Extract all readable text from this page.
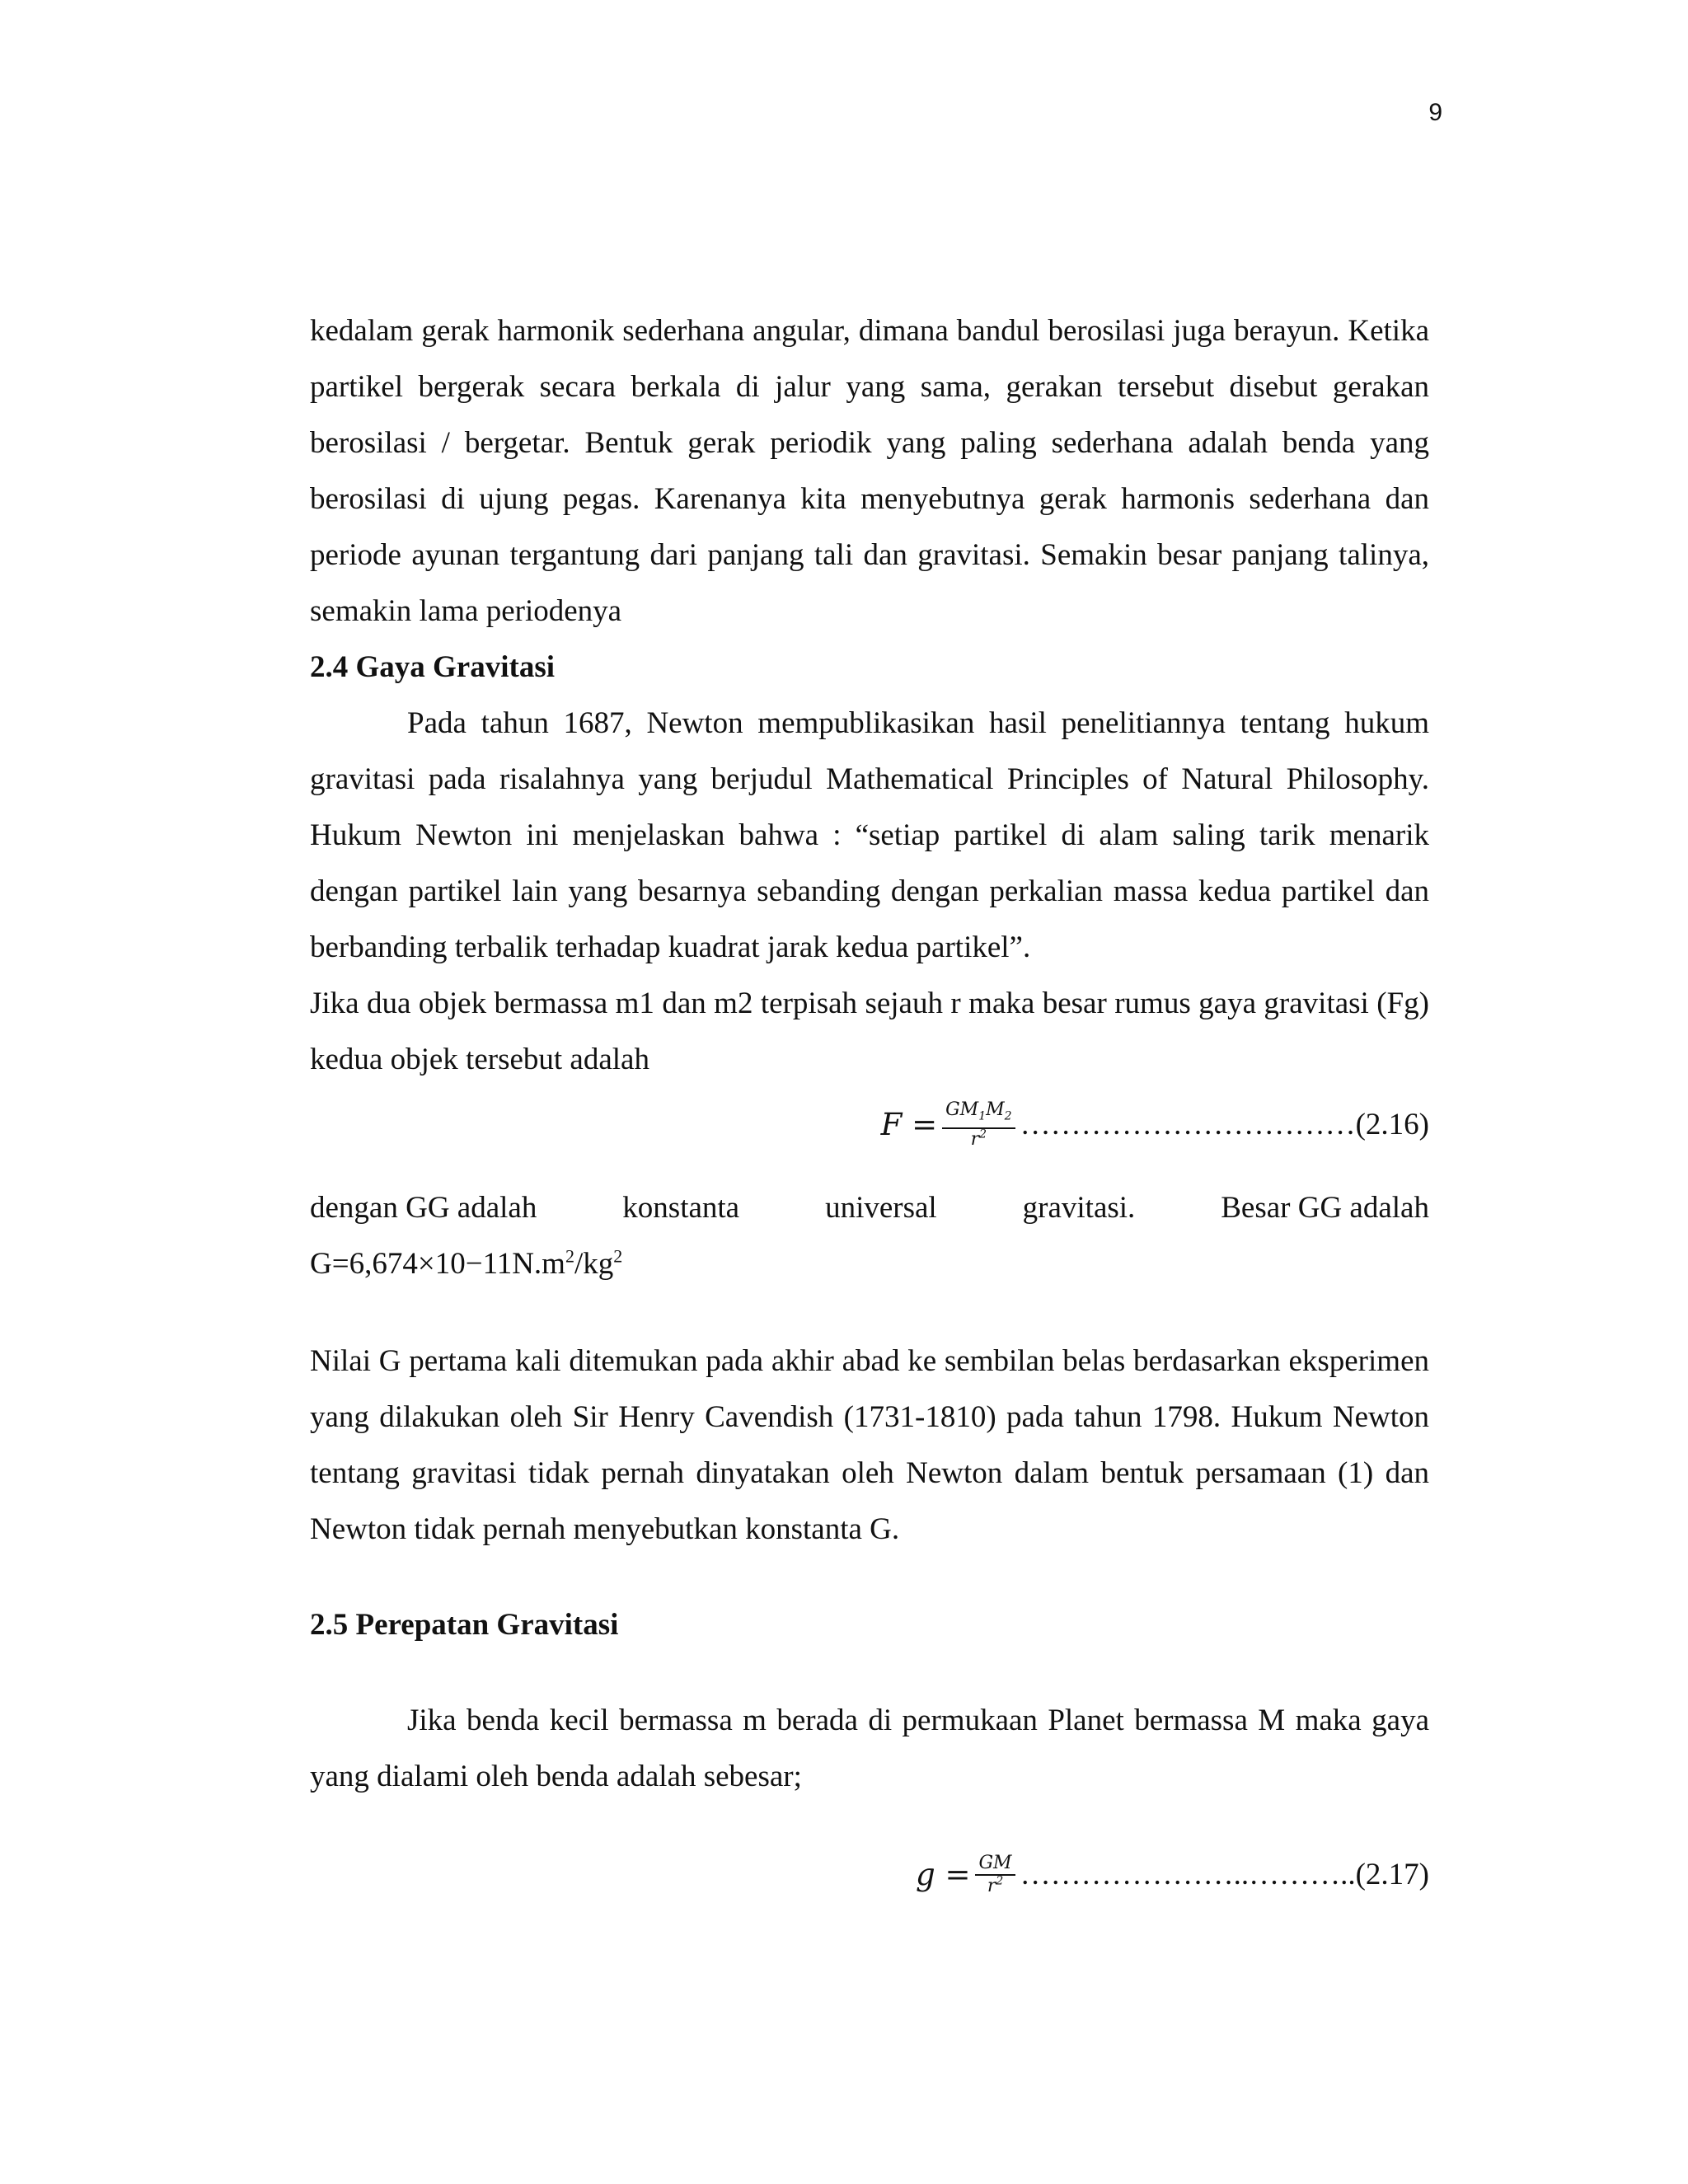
9

kedalam gerak harmonik sederhana angular, dimana bandul berosilasi juga berayun. Ketika partikel bergerak secara berkala di jalur yang sama, gerakan tersebut disebut gerakan berosilasi / bergetar. Bentuk gerak periodik yang paling sederhana adalah benda yang berosilasi di ujung pegas. Karenanya kita menyebutnya gerak harmonis sederhana dan periode ayunan tergantung dari panjang tali dan gravitasi. Semakin besar panjang talinya, semakin lama periodenya

2.4 Gaya Gravitasi

Pada tahun 1687, Newton mempublikasikan hasil penelitiannya tentang hukum gravitasi pada risalahnya yang berjudul Mathematical Principles of Natural Philosophy. Hukum Newton ini menjelaskan bahwa : “setiap partikel di alam saling tarik menarik dengan partikel lain yang besarnya sebanding dengan perkalian massa kedua partikel dan berbanding terbalik terhadap kuadrat jarak kedua partikel”.

Jika dua objek bermassa m1 dan m2 terpisah sejauh r maka besar rumus gaya gravitasi (Fg) kedua objek tersebut adalah

$F = \frac{GM_1M_2}{r^2}$ …………………………… (2.16)
dengan GG adalah	konstanta	universal	gravitasi.	Besar GG adalah
$G=6,674\times 10-11N.m^2/kg^2$

Nilai G pertama kali ditemukan pada akhir abad ke sembilan belas berdasarkan eksperimen yang dilakukan oleh Sir Henry Cavendish (1731-1810) pada tahun 1798. Hukum Newton tentang gravitasi tidak pernah dinyatakan oleh Newton dalam bentuk persamaan (1) dan Newton tidak pernah menyebutkan konstanta G.

2.5 Perepatan Gravitasi

Jika benda kecil bermassa m berada di permukaan Planet bermassa M maka gaya yang dialami oleh benda adalah sebesar;

$g = \frac{GM}{r^2}$ …………………..……….. (2.17)
